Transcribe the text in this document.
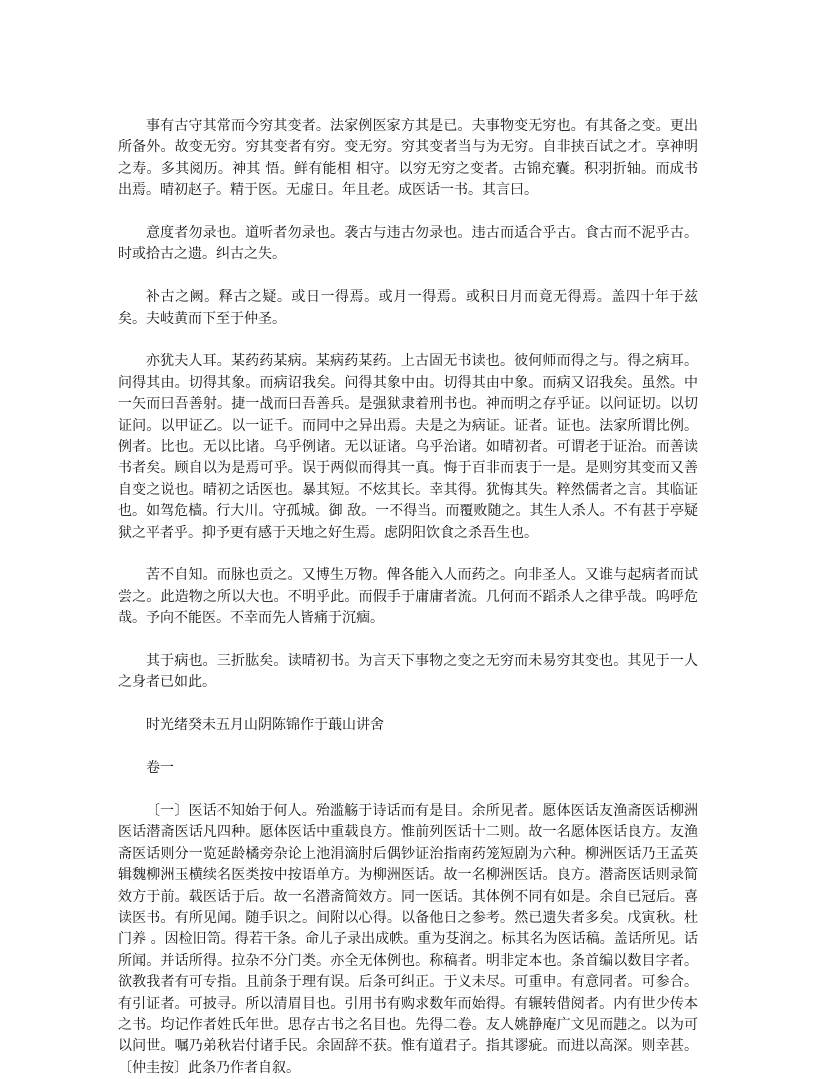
事有古守其常而今穷其变者。法家例医家方其是已。夫事物变无穷也。有其备之变。更出所备外。故变无穷。穷其变者有穷。变无穷。穷其变者当与为无穷。自非挟百试之才。享神明之寿。多其阅历。神其 悟。鲜有能相 相守。以穷无穷之变者。古锦充囊。积羽折轴。而成书出焉。晴初赵子。精于医。无虚日。年且老。成医话一书。其言曰。

意度者勿录也。道听者勿录也。袭古与违古勿录也。违古而适合乎古。食古而不泥乎古。时或拾古之遗。纠古之失。

补古之阙。释古之疑。或日一得焉。或月一得焉。或积日月而竟无得焉。盖四十年于兹矣。夫岐黄而下至于仲圣。

亦犹夫人耳。某药药某病。某病药某药。上古固无书读也。彼何师而得之与。得之病耳。问得其由。切得其象。而病诏我矣。问得其象中由。切得其由中象。而病又诏我矣。虽然。中一矢而曰吾善射。捷一战而曰吾善兵。是强狱隶着刑书也。神而明之存乎证。以问证切。以切证问。以甲证乙。以一证千。而同中之异出焉。夫是之为病证。证者。证也。法家所谓比例。例者。比也。无以比诸。乌乎例诸。无以证诸。乌乎治诸。如晴初者。可谓老于证治。而善读书者矣。顾自以为是焉可乎。误于两似而得其一真。悔于百非而衷于一是。是则穷其变而又善自变之说也。晴初之话医也。暴其短。不炫其长。幸其得。犹悔其失。粹然儒者之言。其临证也。如驾危樯。行大川。守孤城。御 敌。一不得当。而覆败随之。其生人杀人。不有甚于亭疑狱之平者乎。抑予更有感于天地之好生焉。虑阴阳饮食之杀吾生也。

苦不自知。而脉也贡之。又博生万物。俾各能入人而药之。向非圣人。又谁与起病者而试尝之。此造物之所以大也。不明乎此。而假手于庸庸者流。几何而不蹈杀人之律乎哉。呜呼危哉。予向不能医。不幸而先人皆痛于沉痼。

其于病也。三折肱矣。读晴初书。为言天下事物之变之无穷而未易穷其变也。其见于一人之身者已如此。

时光绪癸未五月山阴陈锦作于蕺山讲舍

卷一

〔一〕医话不知始于何人。殆滥觞于诗话而有是目。余所见者。愿体医话友渔斋医话柳洲医话潜斋医话凡四种。愿体医话中重载良方。惟前列医话十二则。故一名愿体医话良方。友渔斋医话则分一览延龄橘旁杂论上池涓滴肘后偶钞证治指南药笼短剧为六种。柳洲医话乃王孟英辑魏柳洲玉横续名医类按中按语单方。为柳洲医话。故一名柳洲医话。良方。潜斋医话则录简效方于前。载医话于后。故一名潜斋简效方。同一医话。其体例不同有如是。余自已冠后。喜读医书。有所见闻。随手识之。间附以心得。以备他日之参考。然已遗失者多矣。戊寅秋。杜门养 。因检旧笥。得若干条。命儿子录出成帙。重为芟润之。标其名为医话稿。盖话所见。话所闻。并话所得。拉杂不分门类。亦全无体例也。称稿者。明非定本也。条首编以数目字者。欲教我者有可专指。且前条于理有误。后条可纠正。于义未尽。可重申。有意同者。可参合。有引证者。可披寻。所以清眉目也。引用书有购求数年而始得。有辗转借阅者。内有世少传本之书。均记作者姓氏年世。思存古书之名目也。先得二卷。友人姚静庵广文见而韪之。以为可以问世。嘱乃弟秋岩付诸手民。余固辞不获。惟有道君子。指其谬疵。而进以高深。则幸甚。〔仲圭按〕此条乃作者自叙。
